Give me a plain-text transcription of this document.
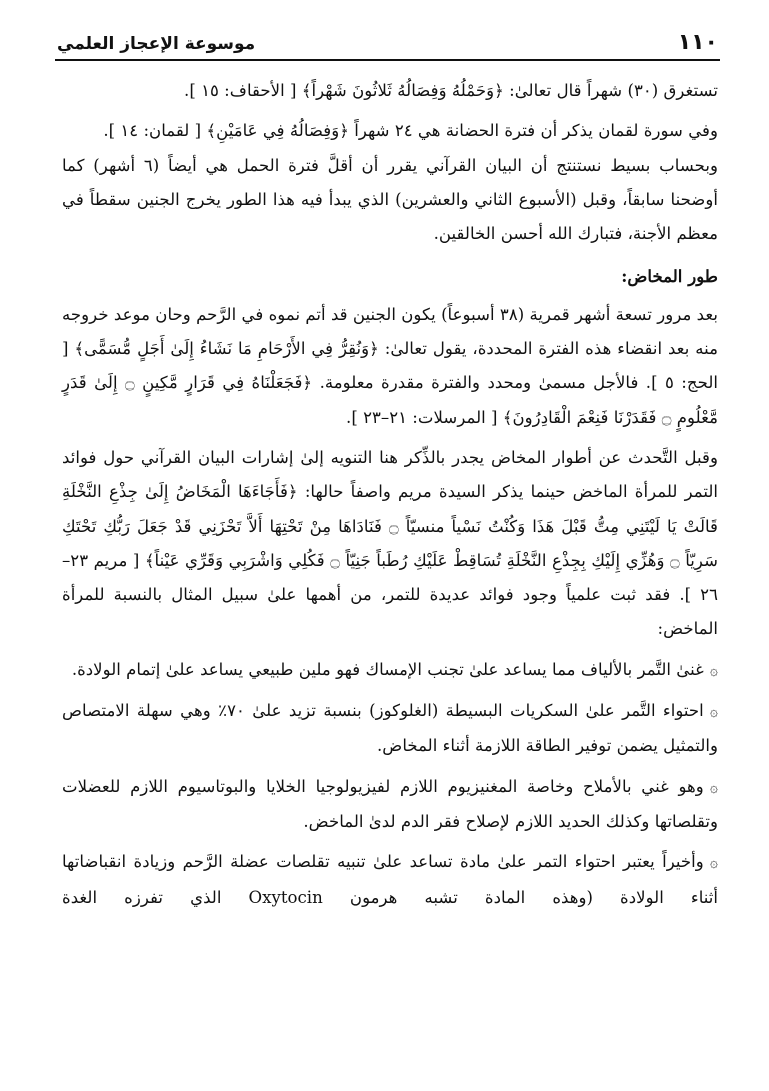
موسوعة الإعجاز العلمي	١١٠

تستغرق (٣٠) شهراً قال تعالىٰ: ﴿وَحَمْلُهُ وَفِصَالُهُ ثَلاثُونَ شَهْراً﴾ [ الأحقاف: ١٥ ].

وفي سورة لقمان يذكر أن فترة الحضانة هي ٢٤ شهراً ﴿وَفِصَالُهُ فِي عَامَيْنِ﴾ [ لقمان: ١٤ ].

وبحساب بسيط نستنتج أن البيان القرآني يقرر أن أقلَّ فترة الحمل هي أيضاً (٦ أشهر) كما أوضحنا سابقاً، وقبل (الأسبوع الثاني والعشرين) الذي يبدأ فيه هذا الطور يخرج الجنين سقطاً في معظم الأجنة، فتبارك الله أحسن الخالقين.

طور المخاض:

بعد مرور تسعة أشهر قمرية (٣٨ أسبوعاً) يكون الجنين قد أتم نموه في الرَّحم وحان موعد خروجه منه بعد انقضاء هذه الفترة المحددة، يقول تعالىٰ: ﴿وَنُقِرُّ فِي الأَرْحَامِ مَا نَشَاءُ إِلَىٰ أَجَلٍ مُّسَمًّى﴾ [ الحج: ٥ ]. فالأجل مسمىٰ ومحدد والفترة مقدرة معلومة. ﴿فَجَعَلْنَاهُ فِي قَرَارٍ مَّكِينٍ ۝ إِلَىٰ قَدَرٍ مَّعْلُومٍ ۝ فَقَدَرْنَا فَنِعْمَ الْقَادِرُونَ﴾ [ المرسلات: ٢١–٢٣ ].

وقبل التَّحدث عن أطوار المخاض يجدر بالذِّكر هنا التنويه إلىٰ إشارات البيان القرآني حول فوائد التمر للمرأة الماخض حينما يذكر السيدة مريم واصفاً حالها: ﴿فَأَجَاءَهَا الْمَخَاضُ إِلَىٰ جِذْعِ النَّخْلَةِ قَالَتْ يَا لَيْتَنِي مِتُّ قَبْلَ هَذَا وَكُنْتُ نَسْياً منسيّاً ۝ فَنَادَاهَا مِنْ تَحْتِهَا أَلاَّ تَحْزَنِي قَدْ جَعَلَ رَبُّكِ تَحْتَكِ سَرِيّاً ۝ وَهُزِّي إِلَيْكِ بِجِذْعِ النَّخْلَةِ تُسَاقِطْ عَلَيْكِ رُطَباً جَنِيّاً ۝ فَكُلِي وَاشْرَبِي وَقَرِّي عَيْناً﴾ [ مريم ٢٣–٢٦ ]. فقد ثبت علمياً وجود فوائد عديدة للتمر، من أهمها علىٰ سبيل المثال بالنسبة للمرأة الماخض:

۞غنىٰ التَّمر بالألياف مما يساعد علىٰ تجنب الإمساك فهو ملين طبيعي يساعد علىٰ إتمام الولادة.

۞احتواء التَّمر علىٰ السكريات البسيطة (الغلوكوز) بنسبة تزيد علىٰ ٧٠٪ وهي سهلة الامتصاص والتمثيل يضمن توفير الطاقة اللازمة أثناء المخاض.

۞وهو غني بالأملاح وخاصة المغنيزيوم اللازم لفيزيولوجيا الخلايا والبوتاسيوم اللازم للعضلات وتقلصاتها وكذلك الحديد اللازم لإصلاح فقر الدم لدىٰ الماخض.

۞وأخيراً يعتبر احتواء التمر علىٰ مادة تساعد علىٰ تنبيه تقلصات عضلة الرَّحم وزيادة انقباضاتها أثناء الولادة (وهذه المادة تشبه هرمون Oxytocin الذي تفرزه الغدة
